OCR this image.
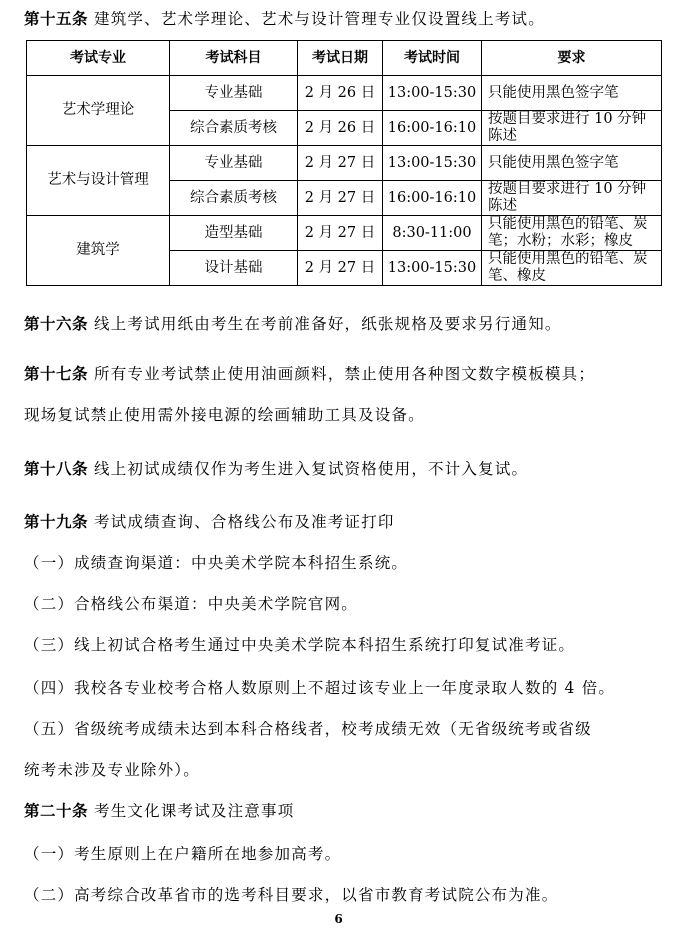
第十五条 建筑学、艺术学理论、艺术与设计管理专业仅设置线上考试。
考试专业	考试科目	考试日期	考试时间	要求
艺术学理论	专业基础	2 月 26 日	13:00-15:30	只能使用黑色签字笔
	综合素质考核	2 月 26 日	16:00-16:10	按题目要求进行 10 分钟陈述
艺术与设计管理	专业基础	2 月 27 日	13:00-15:30	只能使用黑色签字笔
	综合素质考核	2 月 27 日	16:00-16:10	按题目要求进行 10 分钟陈述
建筑学	造型基础	2 月 27 日	8:30-11:00	只能使用黑色的铅笔、炭笔；水粉；水彩；橡皮
	设计基础	2 月 27 日	13:00-15:30	只能使用黑色的铅笔、炭笔、橡皮
第十六条 线上考试用纸由考生在考前准备好，纸张规格及要求另行通知。
第十七条 所有专业考试禁止使用油画颜料，禁止使用各种图文数字模板模具；
现场复试禁止使用需外接电源的绘画辅助工具及设备。
第十八条 线上初试成绩仅作为考生进入复试资格使用，不计入复试。
第十九条 考试成绩查询、合格线公布及准考证打印
（一）成绩查询渠道：中央美术学院本科招生系统。
（二）合格线公布渠道：中央美术学院官网。
（三）线上初试合格考生通过中央美术学院本科招生系统打印复试准考证。
（四）我校各专业校考合格人数原则上不超过该专业上一年度录取人数的 4 倍。
（五）省级统考成绩未达到本科合格线者，校考成绩无效（无省级统考或省级
统考未涉及专业除外）。
第二十条 考生文化课考试及注意事项
（一）考生原则上在户籍所在地参加高考。
（二）高考综合改革省市的选考科目要求，以省市教育考试院公布为准。
6
